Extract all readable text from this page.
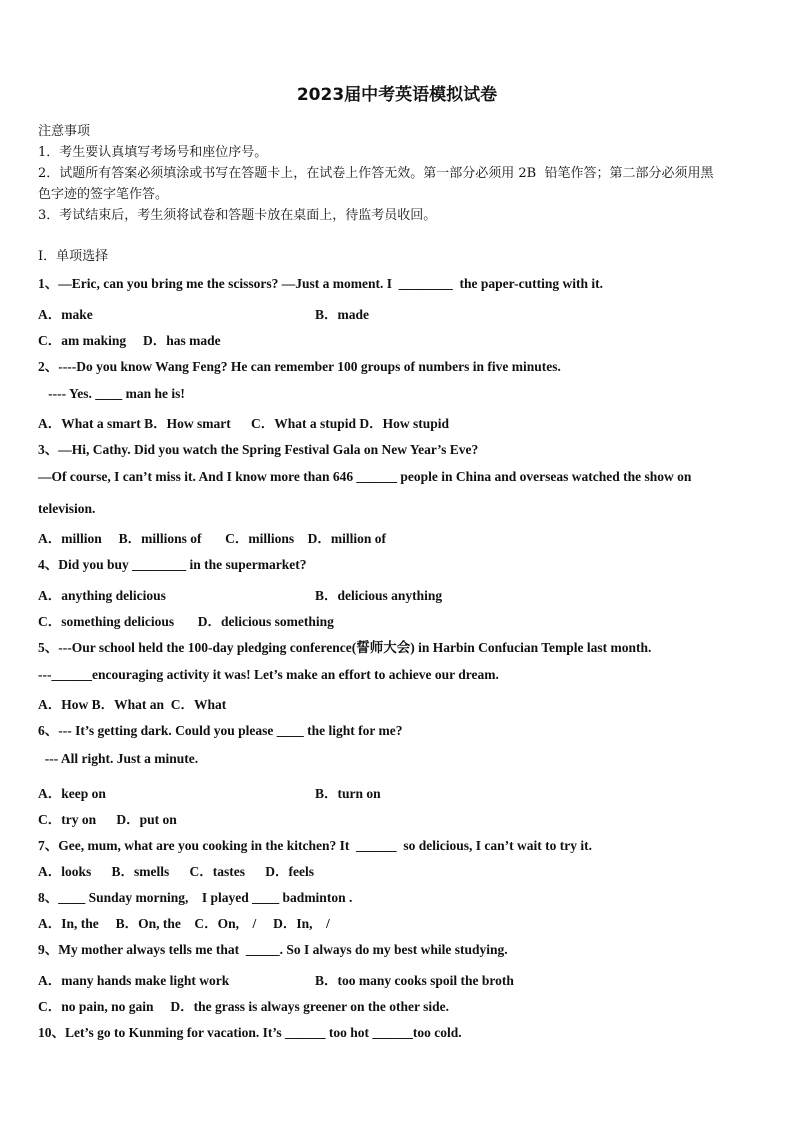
2023届中考英语模拟试卷
注意事项
1．考生要认真填写考场号和座位序号。
2．试题所有答案必须填涂或书写在答题卡上，在试卷上作答无效。第一部分必须用 2B  铅笔作答；第二部分必须用黑
色字迹的签字笔作答。
3．考试结束后，考生须将试卷和答题卡放在桌面上，待监考员收回。
Ⅰ．单项选择
1、—Eric, can you bring me the scissors? —Just a moment. I  ________  the paper-cutting with it.
A．make	B．made
C．am making     D．has made
2、----Do you know Wang Feng? He can remember 100 groups of numbers in five minutes.
---- Yes. ____ man he is!
A．What a smart B．How smart      C．What a stupid D．How stupid
3、—Hi, Cathy. Did you watch the Spring Festival Gala on New Year’s Eve?
—Of course, I can’t miss it. And I know more than 646 ______ people in China and overseas watched the show on
television.
A．million     B．millions of       C．millions    D．million of
4、Did you buy ________ in the supermarket?
A．anything delicious	B．delicious anything
C．something delicious       D．delicious something
5、---Our school held the 100-day pledging conference(誓师大会) in Harbin Confucian Temple last month.
---______encouraging activity it was! Let’s make an effort to achieve our dream.
A．How B．What an  C．What
6、--- It’s getting dark. Could you please ____ the light for me?
--- All right. Just a minute.
A．keep on	B．turn on
C．try on      D．put on
7、Gee, mum, what are you cooking in the kitchen? It  ______  so delicious, I can’t wait to try it.
A．looks      B．smells      C．tastes      D．feels
8、____ Sunday morning,    I played ____ badminton .
A．In, the     B．On, the    C．On,    /     D．In,    /
9、My mother always tells me that  _____. So I always do my best while studying.
A．many hands make light work	B．too many cooks spoil the broth
C．no pain, no gain     D．the grass is always greener on the other side.
10、Let’s go to Kunming for vacation. It’s ______ too hot ______too cold.
